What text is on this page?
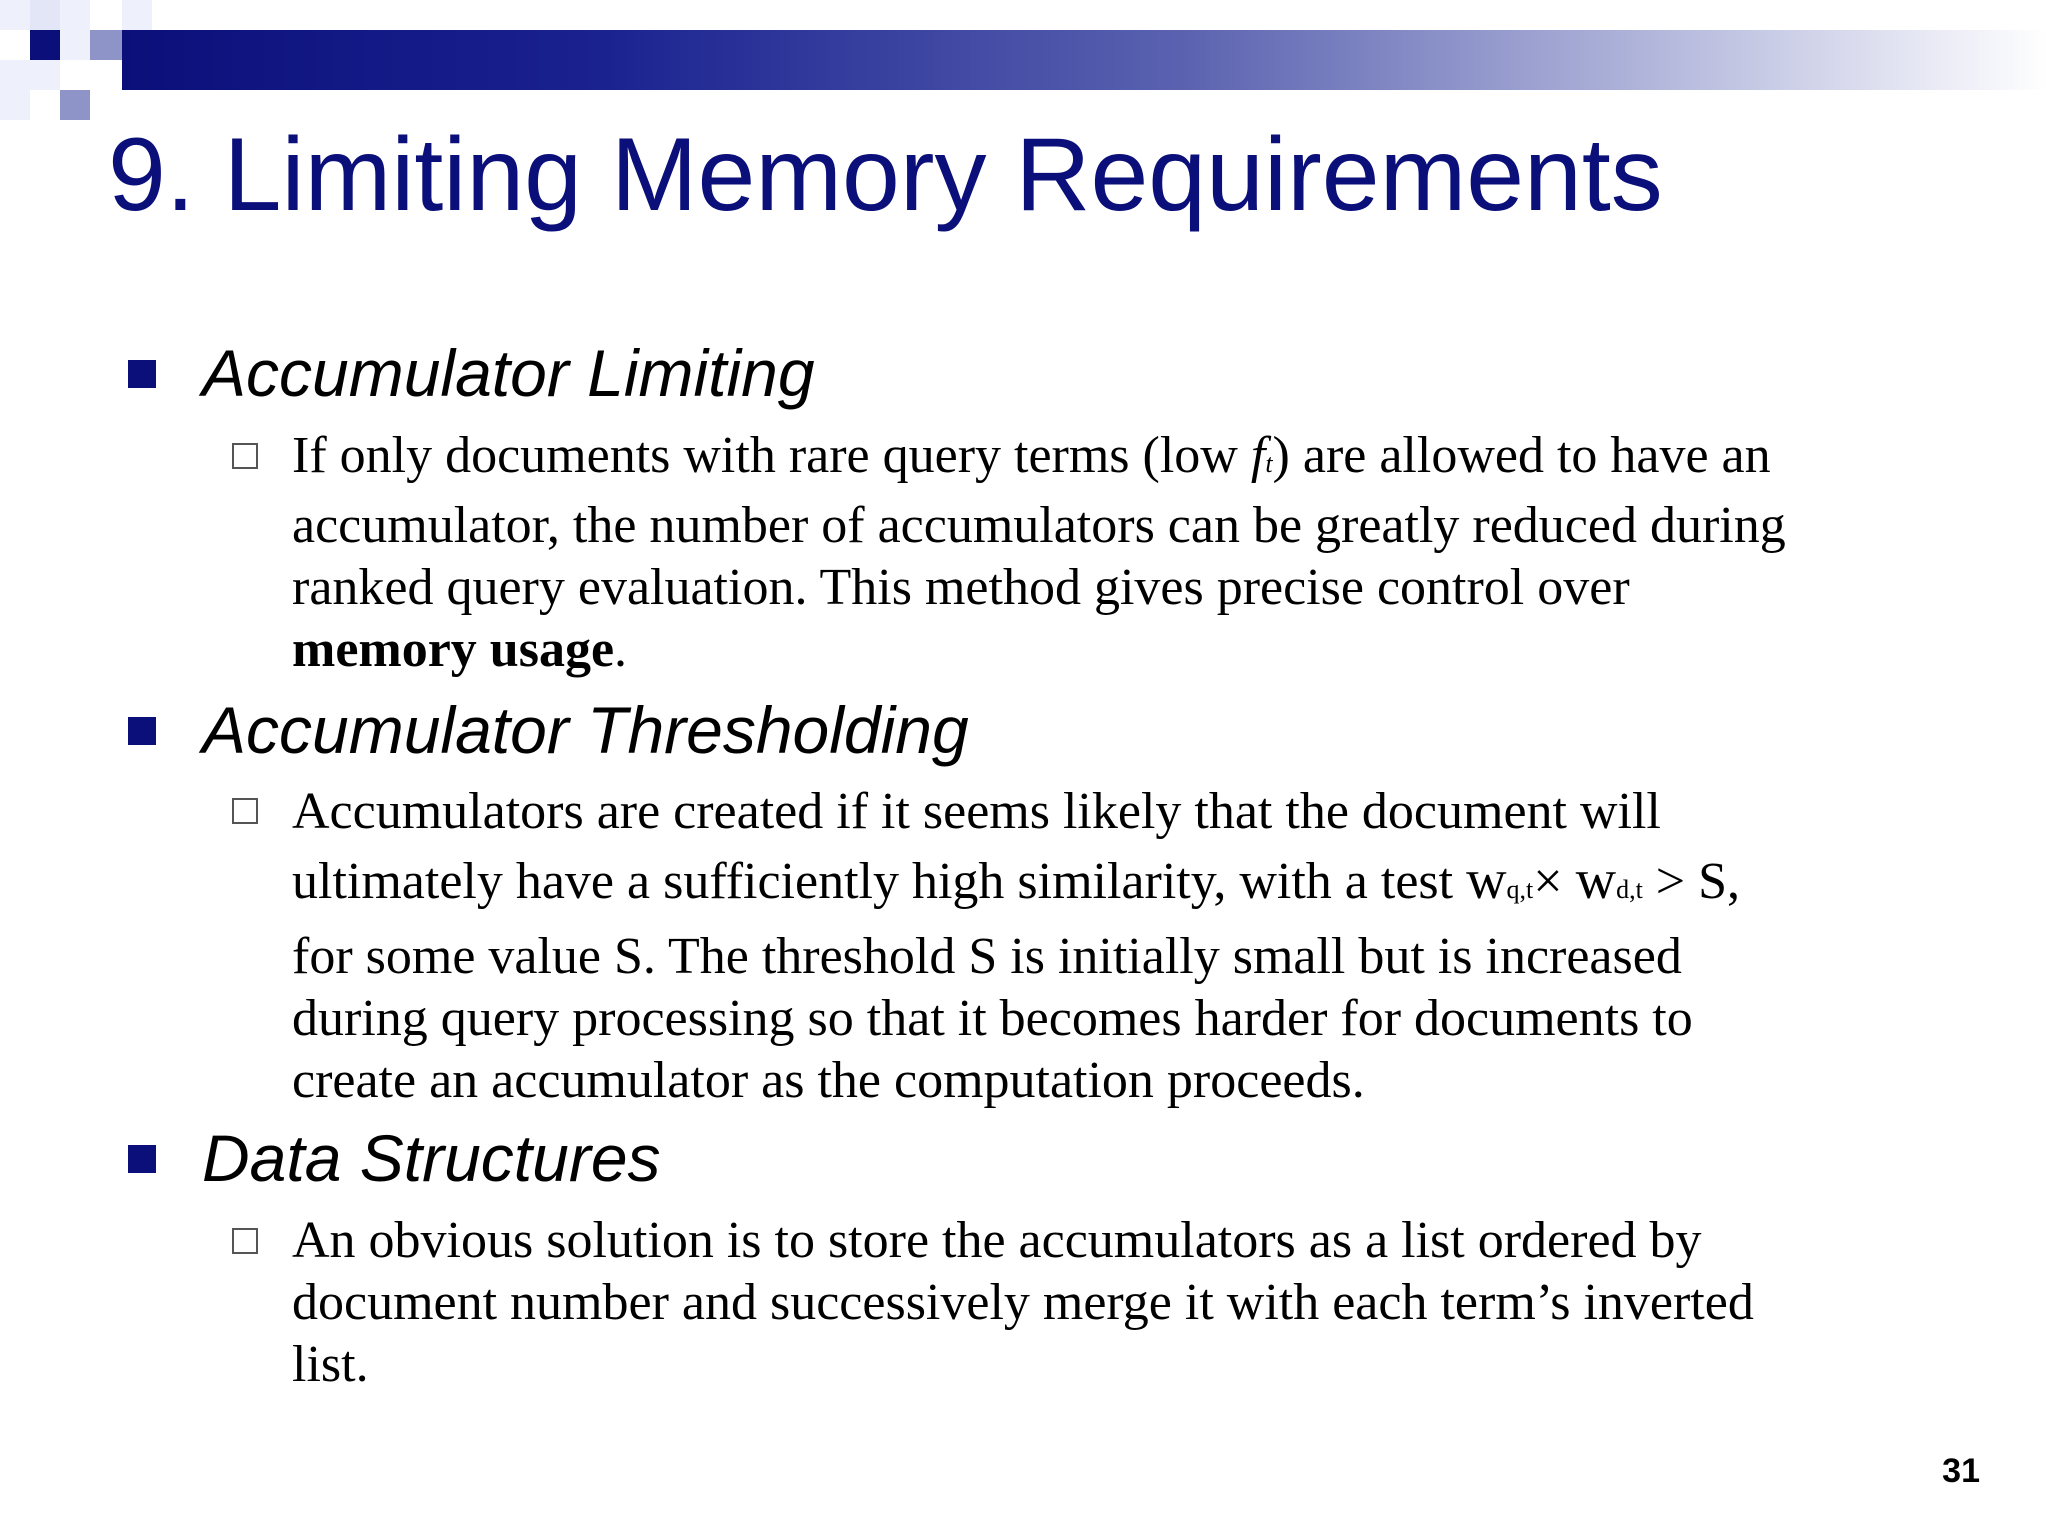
9. Limiting Memory Requirements
Accumulator Limiting
If only documents with rare query terms (low ft) are allowed to have an
accumulator, the number of accumulators can be greatly reduced during
ranked query evaluation. This method gives precise control over
memory usage.
Accumulator Thresholding
Accumulators are created if it seems likely that the document will
ultimately have a sufficiently high similarity, with a test wq,t× wd,t > S,
for some value S. The threshold S is initially small but is increased
during query processing so that it becomes harder for documents to
create an accumulator as the computation proceeds.
Data Structures
An obvious solution is to store the accumulators as a list ordered by
document number and successively merge it with each term’s inverted
list.
31
